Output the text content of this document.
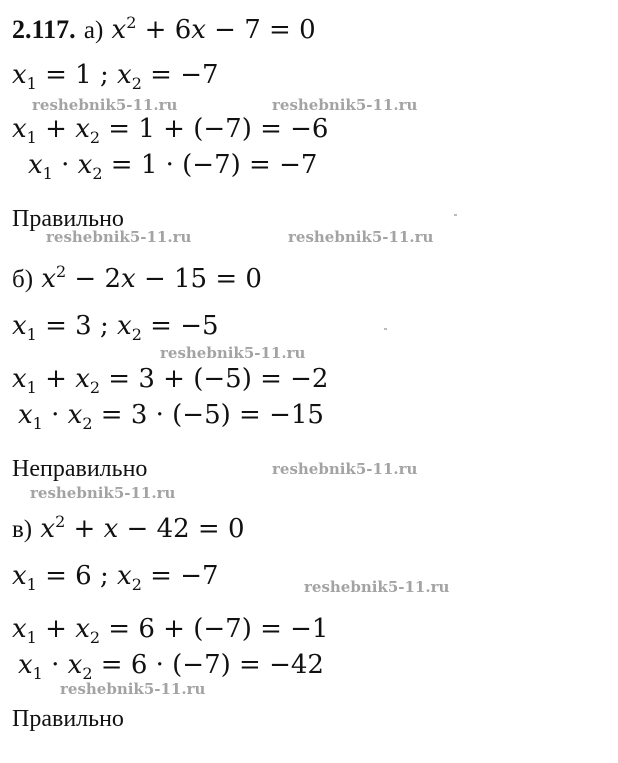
2.117. а) $x^2 + 6x - 7 = 0$
$x_1 = 1$ ; $x_2 = -7$
$x_1 + x_2 = 1 + (-7) = -6$
$x_1 \cdot x_2 = 1 \cdot (-7) = -7$
Правильно
б) $x^2 - 2x - 15 = 0$
$x_1 = 3$ ; $x_2 = -5$
$x_1 + x_2 = 3 + (-5) = -2$
$x_1 \cdot x_2 = 3 \cdot (-5) = -15$
Неправильно
в) $x^2 + x - 42 = 0$
$x_1 = 6$ ; $x_2 = -7$
$x_1 + x_2 = 6 + (-7) = -1$
$x_1 \cdot x_2 = 6 \cdot (-7) = -42$
Правильно
reshebnik5-11.ru	reshebnik5-11.ru
reshebnik5-11.ru	reshebnik5-11.ru
reshebnik5-11.ru
reshebnik5-11.ru
reshebnik5-11.ru
reshebnik5-11.ru
reshebnik5-11.ru
